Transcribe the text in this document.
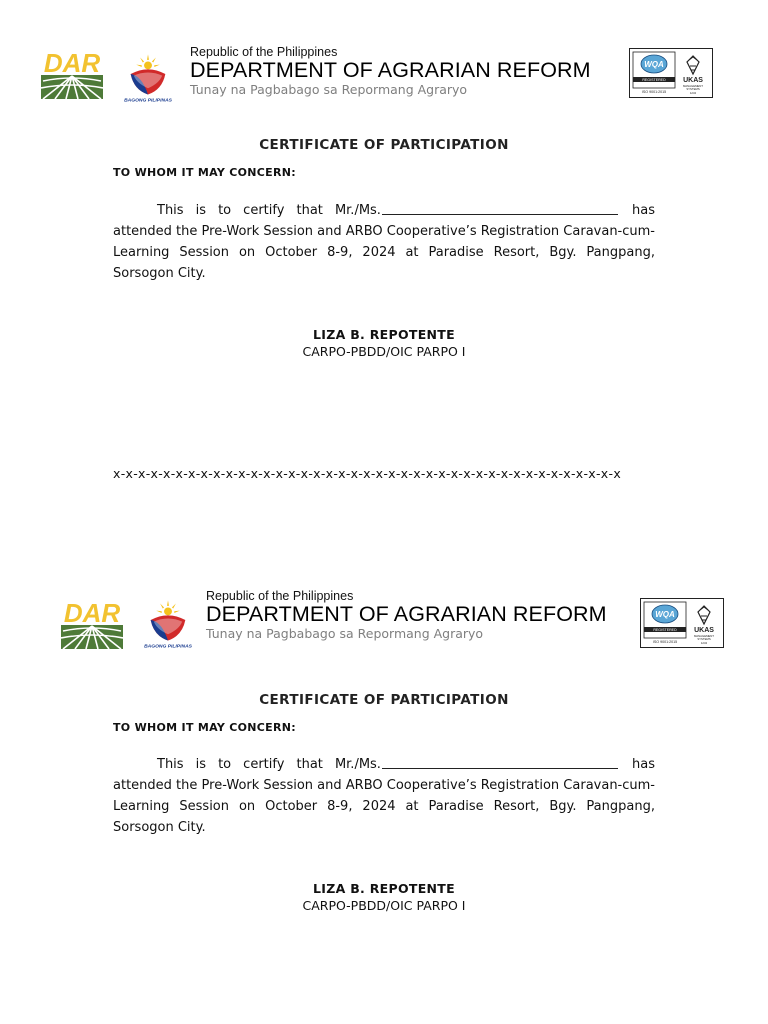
Republic of the Philippines
DEPARTMENT OF AGRARIAN REFORM
Tunay na Pagbabago sa Repormang Agraryo
WQA
REGISTERED
ISO 9001:2015
UKAS
MANAGEMENT
SYSTEMS
1234
CERTIFICATE OF PARTICIPATION
TO WHOM IT MAY CONCERN:
This is to certify that Mr./Ms.	has attended the Pre-Work Session and ARBO Cooperative’s Registration Caravan-cum- Learning Session on October 8-9, 2024 at Paradise Resort, Bgy. Pangpang, Sorsogon City.
LIZA B. REPOTENTE
CARPO-PBDD/OIC PARPO I
x-x-x-x-x-x-x-x-x-x-x-x-x-x-x-x-x-x-x-x-x-x-x-x-x-x-x-x-x-x-x-x-x-x-x-x-x-x-x-x-x
Republic of the Philippines
DEPARTMENT OF AGRARIAN REFORM
Tunay na Pagbabago sa Repormang Agraryo
WQA
REGISTERED
ISO 9001:2015
UKAS
MANAGEMENT
SYSTEMS
1234
CERTIFICATE OF PARTICIPATION
TO WHOM IT MAY CONCERN:
This is to certify that Mr./Ms.	has attended the Pre-Work Session and ARBO Cooperative’s Registration Caravan-cum- Learning Session on October 8-9, 2024 at Paradise Resort, Bgy. Pangpang, Sorsogon City.
LIZA B. REPOTENTE
CARPO-PBDD/OIC PARPO I
